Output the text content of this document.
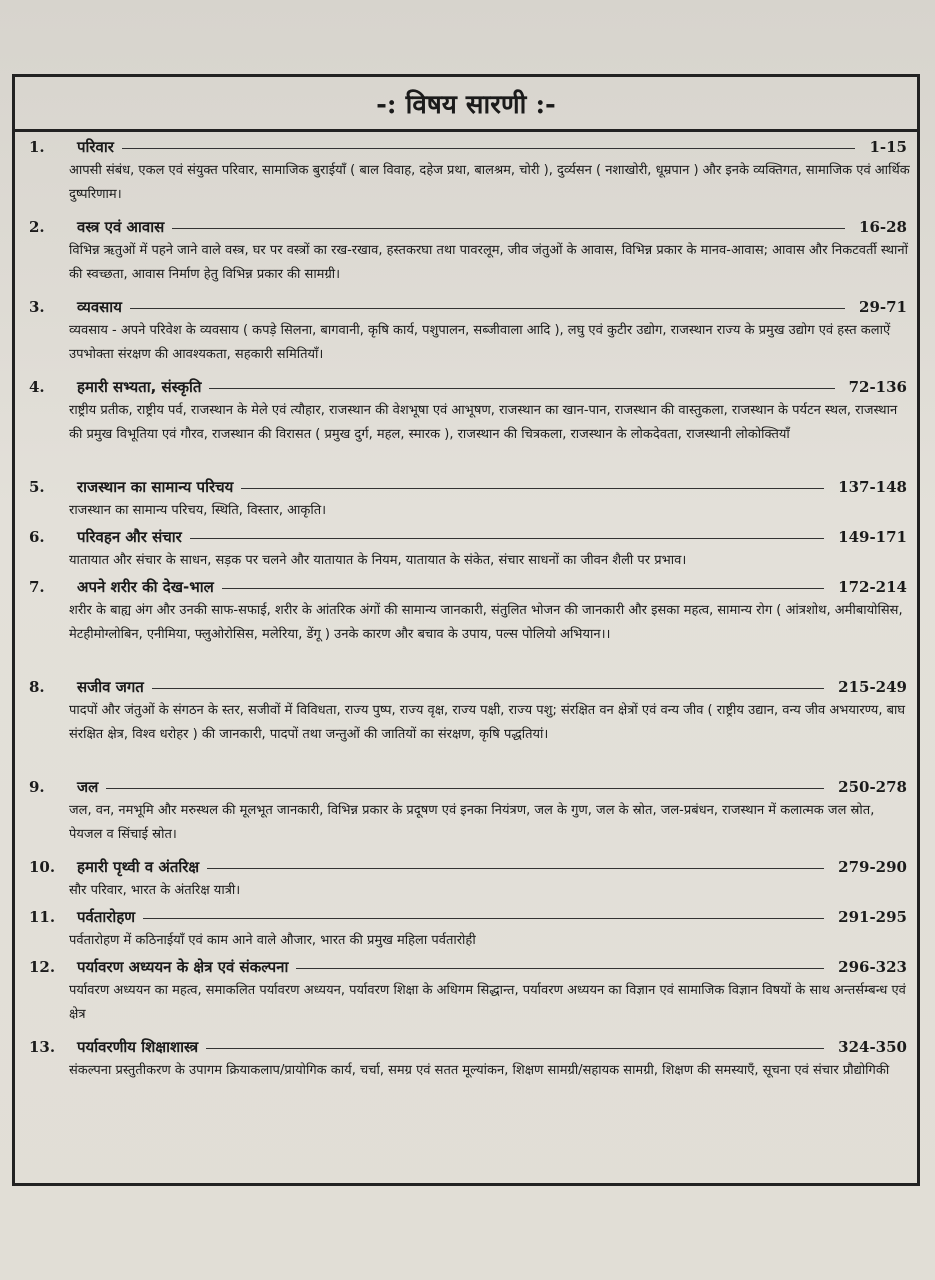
-: विषय सारणी :-
1.	परिवार	1-15
आपसी संबंध, एकल एवं संयुक्त परिवार, सामाजिक बुराईयाँ ( बाल विवाह, दहेज प्रथा, बालश्रम, चोरी ), दुर्व्यसन ( नशाखोरी, धूम्रपान ) और इनके व्यक्तिगत, सामाजिक एवं आर्थिक दुष्परिणाम।
2.	वस्त्र एवं आवास	16-28
विभिन्न ऋतुओं में पहने जाने वाले वस्त्र, घर पर वस्त्रों का रख-रखाव, हस्तकरघा तथा पावरलूम, जीव जंतुओं के आवास, विभिन्न प्रकार के मानव-आवास; आवास और निकटवर्ती स्थानों की स्वच्छता, आवास निर्माण हेतु विभिन्न प्रकार की सामग्री।
3.	व्यवसाय	29-71
व्यवसाय - अपने परिवेश के व्यवसाय ( कपड़े सिलना, बागवानी, कृषि कार्य, पशुपालन, सब्जीवाला आदि ), लघु एवं कुटीर उद्योग, राजस्थान राज्य के प्रमुख उद्योग एवं हस्त कलाऐं उपभोक्ता संरक्षण की आवश्यकता, सहकारी समितियाँ।
4.	हमारी सभ्यता, संस्कृति	72-136
राष्ट्रीय प्रतीक, राष्ट्रीय पर्व, राजस्थान के मेले एवं त्यौहार, राजस्थान की वेशभूषा एवं आभूषण, राजस्थान का खान-पान, राजस्थान की वास्तुकला, राजस्थान के पर्यटन स्थल, राजस्थान की प्रमुख विभूतिया एवं गौरव, राजस्थान की विरासत ( प्रमुख दुर्ग, महल, स्मारक ), राजस्थान की चित्रकला, राजस्थान के लोकदेवता, राजस्थानी लोकोक्तियाँ
5.	राजस्थान का सामान्य परिचय	137-148
राजस्थान का सामान्य परिचय, स्थिति, विस्तार, आकृति।
6.	परिवहन और संचार	149-171
यातायात और संचार के साधन, सड़क पर चलने और यातायात के नियम, यातायात के संकेत, संचार साधनों का जीवन शैली पर प्रभाव।
7.	अपने शरीर की देख-भाल	172-214
शरीर के बाह्य अंग और उनकी साफ-सफाई, शरीर के आंतरिक अंगों की सामान्य जानकारी, संतुलित भोजन की जानकारी और इसका महत्व, सामान्य रोग ( आंत्रशोथ, अमीबायोसिस, मेटहीमोग्लोबिन, एनीमिया, फ्लुओरोसिस, मलेरिया, डेंगू ) उनके कारण और बचाव के उपाय, पल्स पोलियो अभियान।।
8.	सजीव जगत	215-249
पादपों और जंतुओं के संगठन के स्तर, सजीवों में विविधता, राज्य पुष्प, राज्य वृक्ष, राज्य पक्षी, राज्य पशु; संरक्षित वन क्षेत्रों एवं वन्य जीव ( राष्ट्रीय उद्यान, वन्य जीव अभयारण्य, बाघ संरक्षित क्षेत्र, विश्व धरोहर ) की जानकारी, पादपों तथा जन्तुओं की जातियों का संरक्षण, कृषि पद्धतियां।
9.	जल	250-278
जल, वन, नमभूमि और मरुस्थल की मूलभूत जानकारी, विभिन्न प्रकार के प्रदूषण एवं इनका नियंत्रण, जल के गुण, जल के स्रोत, जल-प्रबंधन, राजस्थान में कलात्मक जल स्रोत, पेयजल व सिंचाई स्रोत।
10.	हमारी पृथ्वी व अंतरिक्ष	279-290
सौर परिवार, भारत के अंतरिक्ष यात्री।
11.	पर्वतारोहण	291-295
पर्वतारोहण में कठिनाईयाँ एवं काम आने वाले औजार, भारत की प्रमुख महिला पर्वतारोही
12.	पर्यावरण अध्ययन के क्षेत्र एवं संकल्पना	296-323
पर्यावरण अध्ययन का महत्व, समाकलित पर्यावरण अध्ययन, पर्यावरण शिक्षा के अधिगम सिद्धान्त, पर्यावरण अध्ययन का विज्ञान एवं सामाजिक विज्ञान विषयों के साथ अन्तर्सम्बन्ध एवं क्षेत्र
13.	पर्यावरणीय शिक्षाशास्त्र	324-350
संकल्पना प्रस्तुतीकरण के उपागम क्रियाकलाप/प्रायोगिक कार्य, चर्चा, समग्र एवं सतत मूल्यांकन, शिक्षण सामग्री/सहायक सामग्री, शिक्षण की समस्याएँ, सूचना एवं संचार प्रौद्योगिकी
